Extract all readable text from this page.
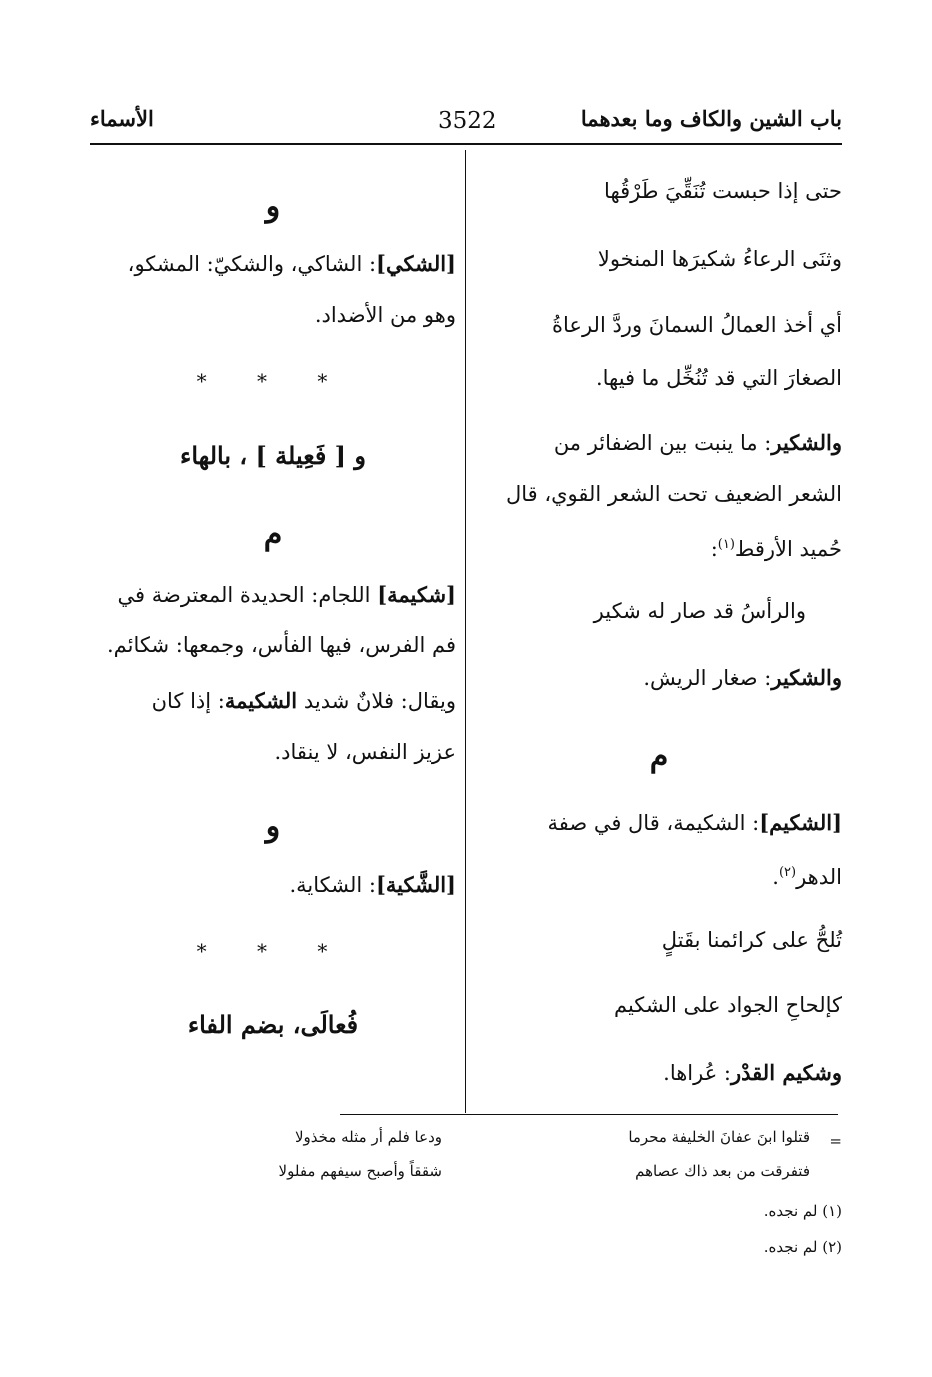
باب الشين والكاف وما بعدهما
3522
الأسماء
حتى إذا حبست تُنَقِّيَ طَرْقُها
وثنَى الرعاءُ شكيرَها المنخولا
أي أخذ العمالُ السمانَ وردَّ الرعاةُ
الصغارَ التي قد تُنُخِّل ما فيها.
والشكير: ما ينبت بين الضفائر من
الشعر الضعيف تحت الشعر القوي، قال
حُميد الأرقط$^{(١)}$:
والرأسُ قد صار له شكير
والشكير: صغار الريش.
م
[الشكيم]: الشكيمة، قال في صفة
الدهر$^{(٢)}$.
تُلحُّ على كرائمنا بقَتلٍ
كإلحاحِ الجواد على الشكيم
وشكيم القدْر: عُراها.
و
[الشكي]: الشاكي، والشكيّ: المشكو،
وهو من الأضداد.
* * *
و [ فَعِيلة ] ، بالهاء
م
[شكيمة] اللجام: الحديدة المعترضة في
فم الفرس، فيها الفأس، وجمعها: شكائم.
ويقال: فلانٌ شديد الشكيمة: إذا كان
عزيز النفس، لا ينقاد.
و
[الشَّكية]: الشكاية.
* * *
فُعالَى، بضم الفاء
=
قتلوا ابنَ عفانَ الخليفة محرما
ودعا فلم أر مثله مخذولا
فتفرقت من بعد ذاك عصاهم
شققاً وأصبح سيفهم مفلولا
(١) لم نجده.
(٢) لم نجده.
